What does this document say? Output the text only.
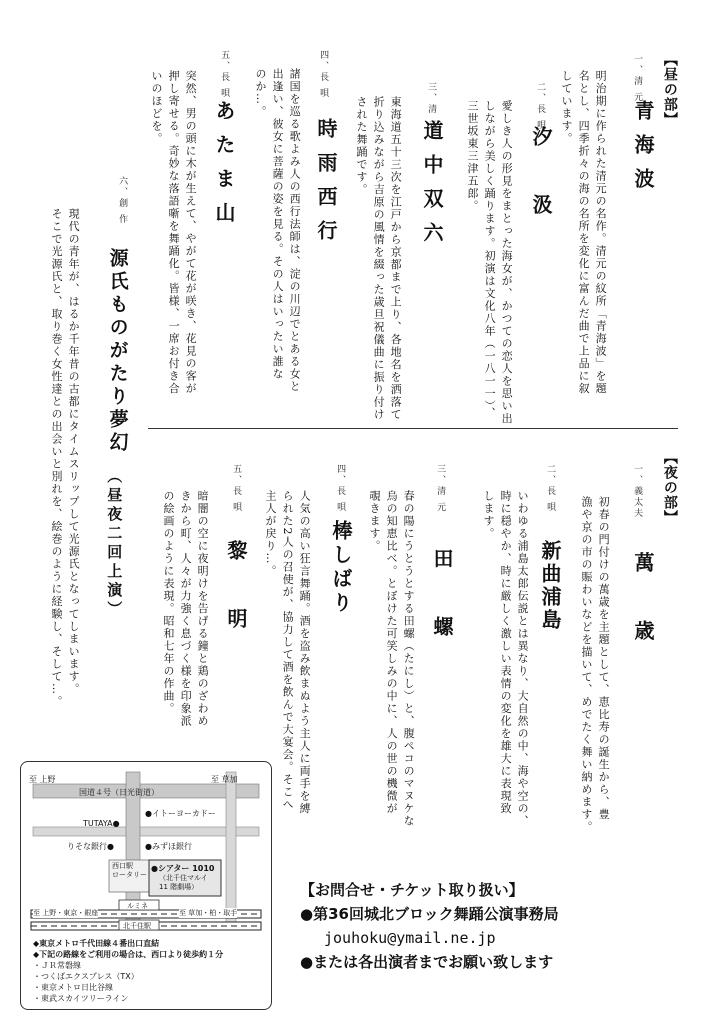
【昼の部】
一、清 元
青海波
明治期に作られた清元の名作。清元の紋所「青海波」を題
名とし、四季折々の海の名所を変化に富んだ曲で上品に叙
しています。
二、長 唄
汐　汲
愛しき人の形見をまとった海女が、かつての恋人を思い出
しながら美しく踊ります。初演は文化八年（一八一一）、
三世坂東三津五郎。
三、清 元
道中双六
東海道五十三次を江戸から京都まで上り、各地名を洒落て
折り込みながら吉原の風情を綴った歳旦祝儀曲に振り付け
された舞踊です。
四、長 唄
時雨西行
諸国を巡る歌よみ人の西行法師は、淀の川辺でとある女と
出逢い、彼女に菩薩の姿を見る。その人はいったい誰な
のか…。
五、長 唄
あたま山
突然、男の頭に木が生えて、やがて花が咲き、花見の客が
押し寄せる。奇妙な落語噺を舞踊化。皆様、一席お付き合
いのほどを。
六、創 作
源氏ものがたり夢幻
（昼夜二回上演）
現代の青年が、はるか千年昔の古都にタイムスリップして光源氏となってしまいます。
そこで光源氏と、取り巻く女性達との出会いと別れを、絵巻のように経験し、そして…。	【夜の部】
一、義太夫
萬　歳
初春の門付けの萬歳を主題として、恵比寿の誕生から、豊
漁や京の市の賑わいなどを描いて、めでたく舞い納めます。
二、長 唄
新曲浦島
いわゆる浦島太郎伝説とは異なり、大自然の中、海や空の、
時に穏やか、時に厳しく激しい表情の変化を雄大に表現致
します。
三、清 元
田　螺
春の陽にうとうとする田螺（たにし）と、腹ペコのマヌケな
烏の知恵比べ。とぼけた可笑しみの中に、人の世の機微が
覗きます。
四、長 唄
棒しばり
人気の高い狂言舞踊。酒を盗み飲まぬよう主人に両手を縛
られた2人の召使が、協力して酒を飲んで大宴会。そこへ
主人が戻り…。
五、長 唄
黎　明
暗闇の空に夜明けを告げる鐘と鶏のざわめ
きから町、人々が力強く息づく様を印象派
の絵画のように表現。昭和七年の作曲。
【お問合せ・チケット取り扱い】
●第36回城北ブロック舞踊公演事務局
jouhoku@ymail.ne.jp
●または各出演者までお願い致します
至 上野	至 草加
国道４号（日光街道）
●イトーヨーカドー
TUTAYA●
りそな銀行●	●みずほ銀行
西口駅
ロータリー
●シアター 1010
（北千住マルイ
11 階劇場）
ルミネ
北千住駅
至 上野・東京・銀座	至 草加・柏・取手
◆東京メトロ千代田線４番出口直結
◆下記の路線をご利用の場合は、西口より徒歩約１分
・ＪＲ常磐線
・つくばエクスプレス（TX）
・東京メトロ日比谷線
・東武スカイツリーライン
